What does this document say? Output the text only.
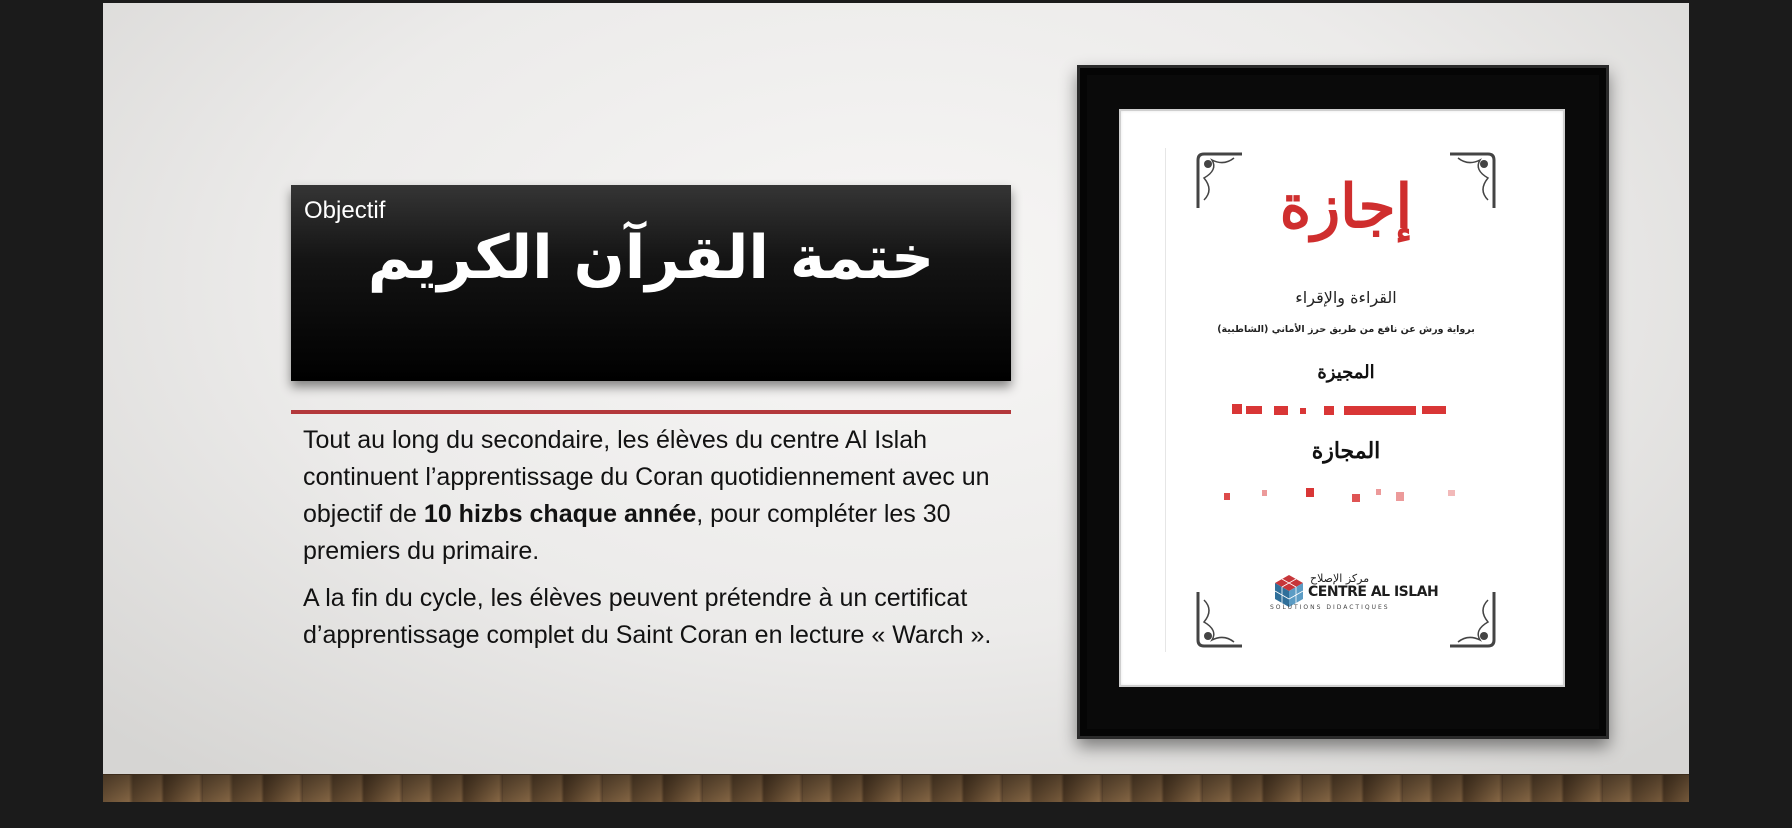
Objectif
ختمة القرآن الكريم

Tout au long du secondaire, les élèves du centre Al Islah continuent l’apprentissage du Coran quotidiennement avec un objectif de 10 hizbs chaque année, pour compléter les 30 premiers du primaire.

A la fin du cycle, les élèves peuvent prétendre à un certificat d’apprentissage complet du Saint Coran en lecture « Warch ».

إجازة
القراءة والإقراء
برواية ورش عن نافع من طريق حرز الأماني (الشاطبية)
المجيزة
المجازة
مركز الإصلاح
CENTRE AL ISLAH
SOLUTIONS DIDACTIQUES
